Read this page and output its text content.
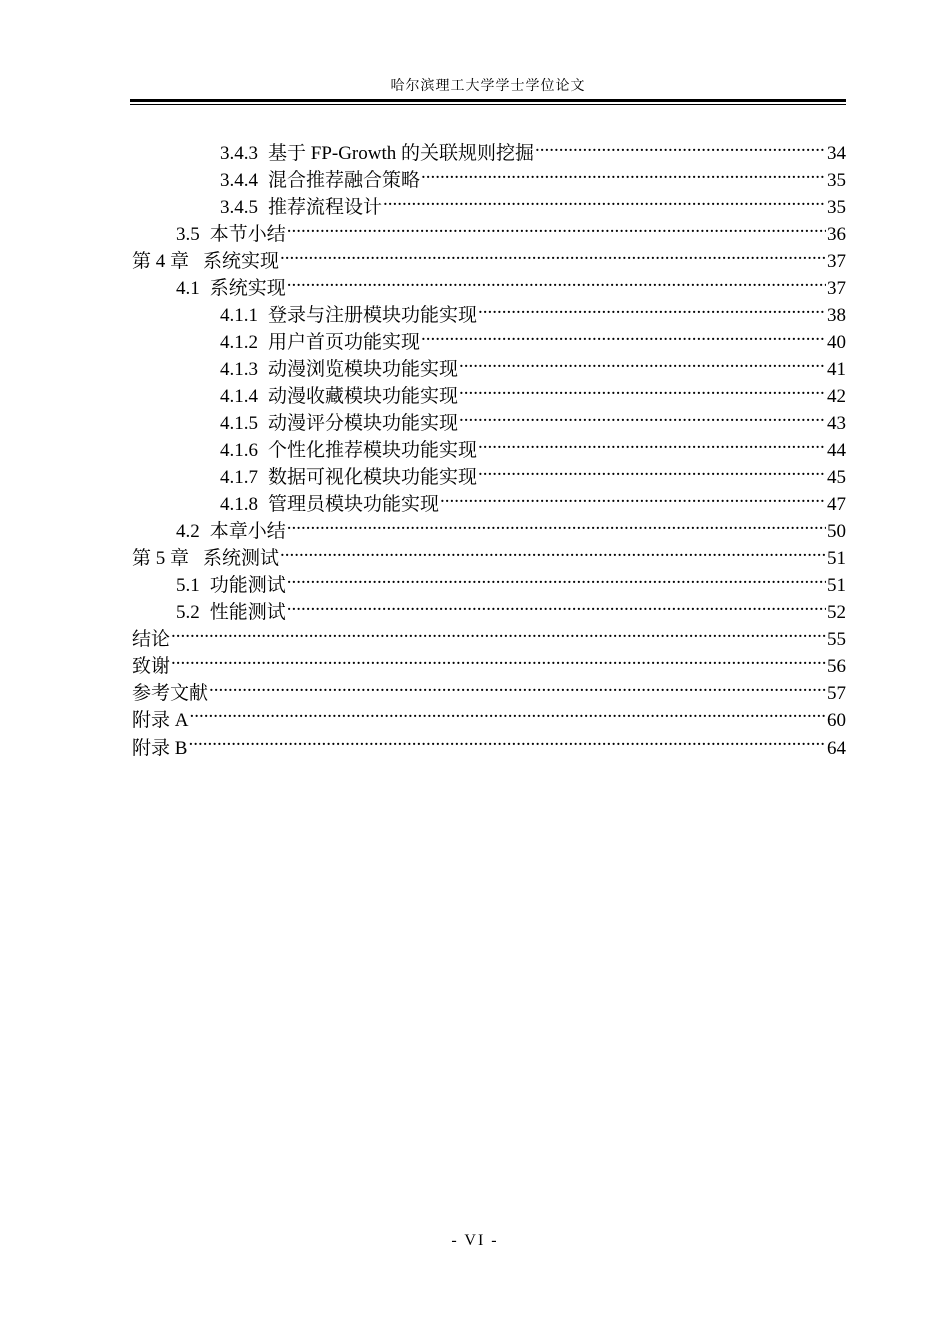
哈尔滨理工大学学士学位论文
3.4.3 基于 FP-Growth 的关联规则挖掘 .....	34
3.4.4 混合推荐融合策略 .....	35
3.4.5 推荐流程设计 .....	35
3.5 本节小结 .....	36
第 4 章 系统实现 .....	37
4.1 系统实现 .....	37
4.1.1 登录与注册模块功能实现 .....	38
4.1.2 用户首页功能实现 .....	40
4.1.3 动漫浏览模块功能实现 .....	41
4.1.4 动漫收藏模块功能实现 .....	42
4.1.5 动漫评分模块功能实现 .....	43
4.1.6 个性化推荐模块功能实现 .....	44
4.1.7 数据可视化模块功能实现 .....	45
4.1.8 管理员模块功能实现 .....	47
4.2 本章小结 .....	50
第 5 章 系统测试 .....	51
5.1 功能测试 .....	51
5.2 性能测试 .....	52
结论 .....	55
致谢 .....	56
参考文献 .....	57
附录 A .....	60
附录 B .....	64
- VI -
